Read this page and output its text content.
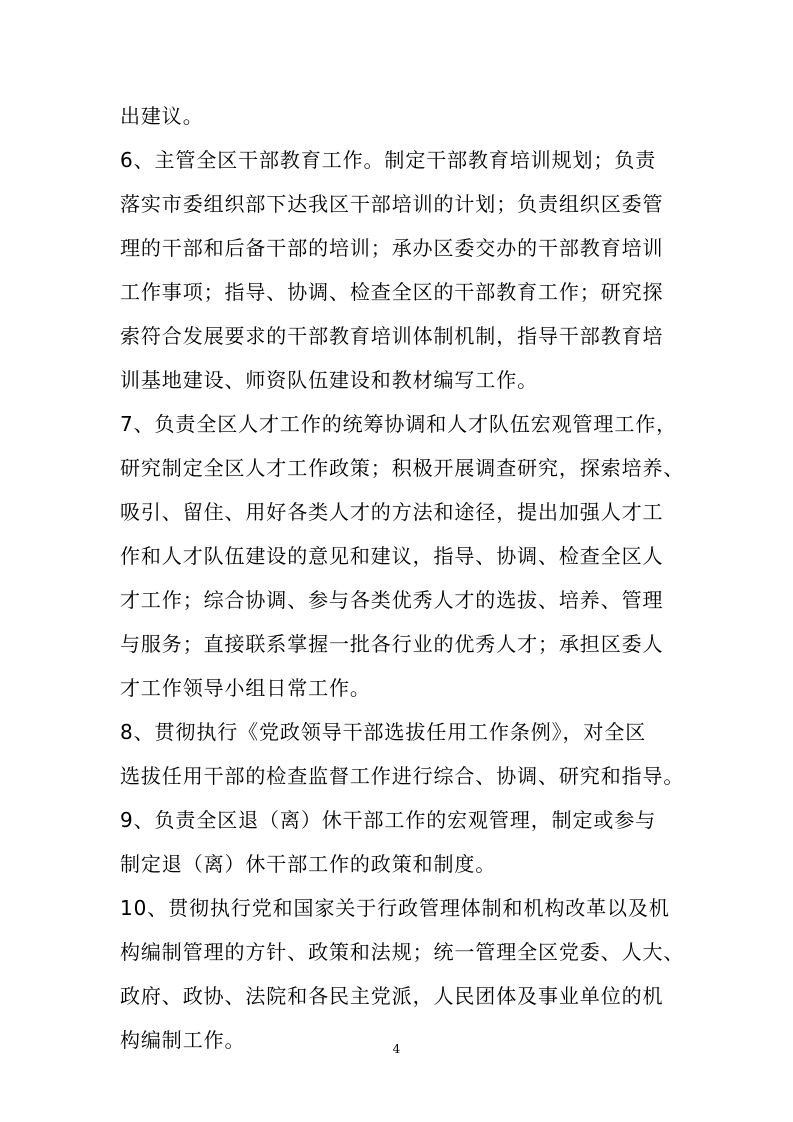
出建议。
6、主管全区干部教育工作。制定干部教育培训规划；负责
落实市委组织部下达我区干部培训的计划；负责组织区委管
理的干部和后备干部的培训；承办区委交办的干部教育培训
工作事项；指导、协调、检查全区的干部教育工作；研究探
索符合发展要求的干部教育培训体制机制，指导干部教育培
训基地建设、师资队伍建设和教材编写工作。
7、负责全区人才工作的统筹协调和人才队伍宏观管理工作，
研究制定全区人才工作政策；积极开展调查研究，探索培养、
吸引、留住、用好各类人才的方法和途径，提出加强人才工
作和人才队伍建设的意见和建议，指导、协调、检查全区人
才工作；综合协调、参与各类优秀人才的选拔、培养、管理
与服务；直接联系掌握一批各行业的优秀人才；承担区委人
才工作领导小组日常工作。
8、贯彻执行《党政领导干部选拔任用工作条例》，对全区
选拔任用干部的检查监督工作进行综合、协调、研究和指导。
9、负责全区退（离）休干部工作的宏观管理，制定或参与
制定退（离）休干部工作的政策和制度。
10、贯彻执行党和国家关于行政管理体制和机构改革以及机
构编制管理的方针、政策和法规；统一管理全区党委、人大、
政府、政协、法院和各民主党派，人民团体及事业单位的机
构编制工作。	4
